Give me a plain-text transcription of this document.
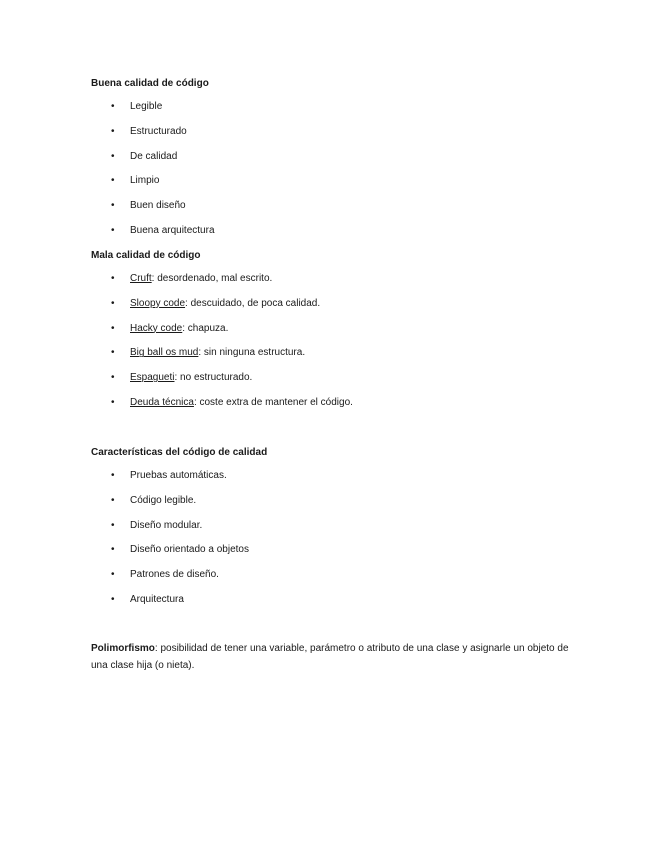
Buena calidad de código
• Legible
• Estructurado
• De calidad
• Limpio
• Buen diseño
• Buena arquitectura
Mala calidad de código
• Cruft: desordenado, mal escrito.
• Sloopy code: descuidado, de poca calidad.
• Hacky code: chapuza.
• Big ball os mud: sin ninguna estructura.
• Espagueti: no estructurado.
• Deuda técnica: coste extra de mantener el código.
Características del código de calidad
• Pruebas automáticas.
• Código legible.
• Diseño modular.
• Diseño orientado a objetos
• Patrones de diseño.
• Arquitectura
Polimorfismo: posibilidad de tener una variable, parámetro o atributo de una clase y asignarle un objeto de una clase hija (o nieta).
